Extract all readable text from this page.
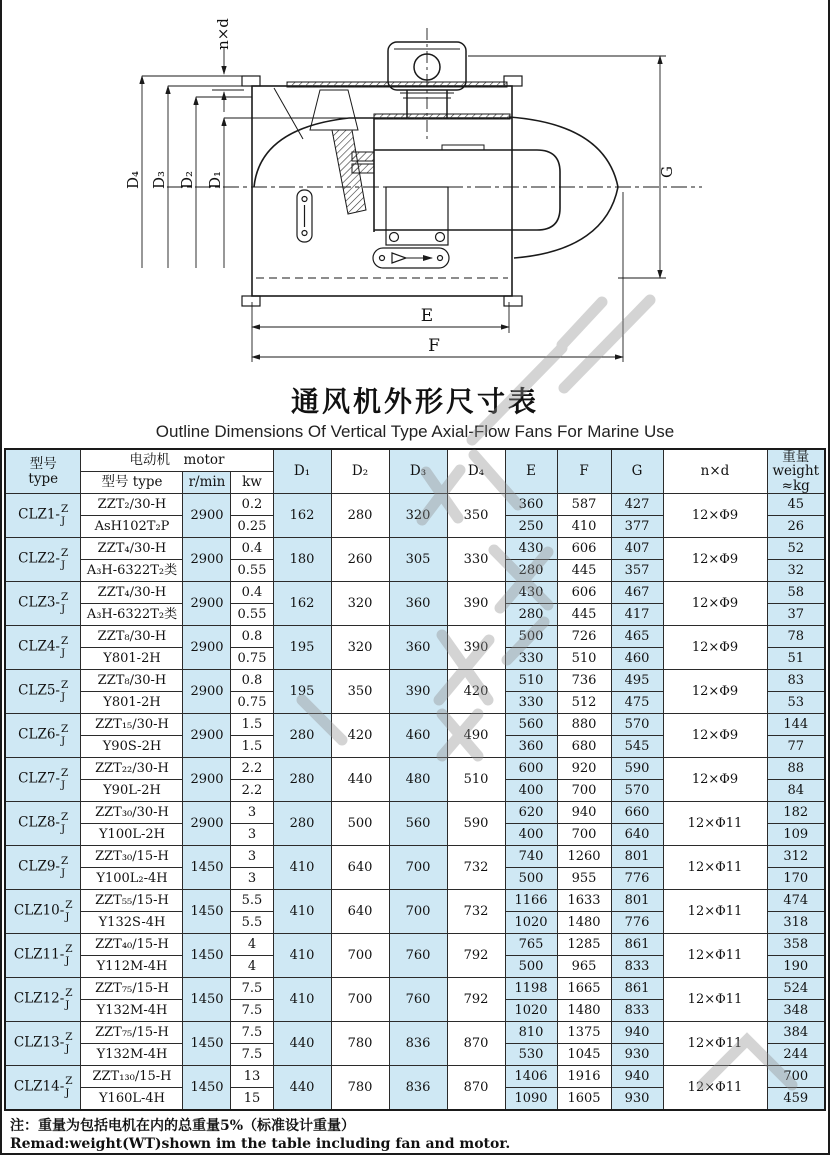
n×d
D₄ D₃ D₂ D₁	G
E
F
通风机外形尺寸表
Outline Dimensions Of Vertical Type Axial-Flow Fans For Marine Use
型号
type	电动机　motor			D₁	D₂	D₃	D₄	E	F	G	n×d	重量
weight
≈kg
	型号 type	r/min	kw									
CLZ1- Z
J	ZZT₂/30-H	2900	0.2	162	280	320	350	360	587	427	12×Φ9	45
	AsH102T₂P		0.25					250	410	377		26
CLZ2- Z
J	ZZT₄/30-H	2900	0.4	180	260	305	330	430	606	407	12×Φ9	52
	A₃H-6322T₂类		0.55					280	445	357		32
CLZ3- Z
J	ZZT₄/30-H	2900	0.4	162	320	360	390	430	606	467	12×Φ9	58
	A₃H-6322T₂类		0.55					280	445	417		37
CLZ4- Z
J	ZZT₈/30-H	2900	0.8	195	320	360	390	500	726	465	12×Φ9	78
	Y801-2H		0.75					330	510	460		51
CLZ5- Z
J	ZZT₈/30-H	2900	0.8	195	350	390	420	510	736	495	12×Φ9	83
	Y801-2H		0.75					330	512	475		53
CLZ6- Z
J	ZZT₁₅/30-H	2900	1.5	280	420	460	490	560	880	570	12×Φ9	144
	Y90S-2H		1.5					360	680	545		77
CLZ7- Z
J	ZZT₂₂/30-H	2900	2.2	280	440	480	510	600	920	590	12×Φ9	88
	Y90L-2H		2.2					400	700	570		84
CLZ8- Z
J	ZZT₃₀/30-H	2900	3	280	500	560	590	620	940	660	12×Φ11	182
	Y100L-2H		3					400	700	640		109
CLZ9- Z
J	ZZT₃₀/15-H	1450	3	410	640	700	732	740	1260	801	12×Φ11	312
	Y100L₂-4H		3					500	955	776		170
CLZ10- Z
J	ZZT₅₅/15-H	1450	5.5	410	640	700	732	1166	1633	801	12×Φ11	474
	Y132S-4H		5.5					1020	1480	776		318
CLZ11- Z
J	ZZT₄₀/15-H	1450	4	410	700	760	792	765	1285	861	12×Φ11	358
	Y112M-4H		4					500	965	833		190
CLZ12- Z
J	ZZT₇₅/15-H	1450	7.5	410	700	760	792	1198	1665	861	12×Φ11	524
	Y132M-4H		7.5					1020	1480	833		348
CLZ13- Z
J	ZZT₇₅/15-H	1450	7.5	440	780	836	870	810	1375	940	12×Φ11	384
	Y132M-4H		7.5					530	1045	930		244
CLZ14- Z
J	ZZT₁₃₀/15-H	1450	13	440	780	836	870	1406	1916	940	12×Φ11	700
	Y160L-4H		15					1090	1605	930		459
注：重量为包括电机在内的总重量5%（标准设计重量）
Remad:weight(WT)shown im the table including fan and motor.
